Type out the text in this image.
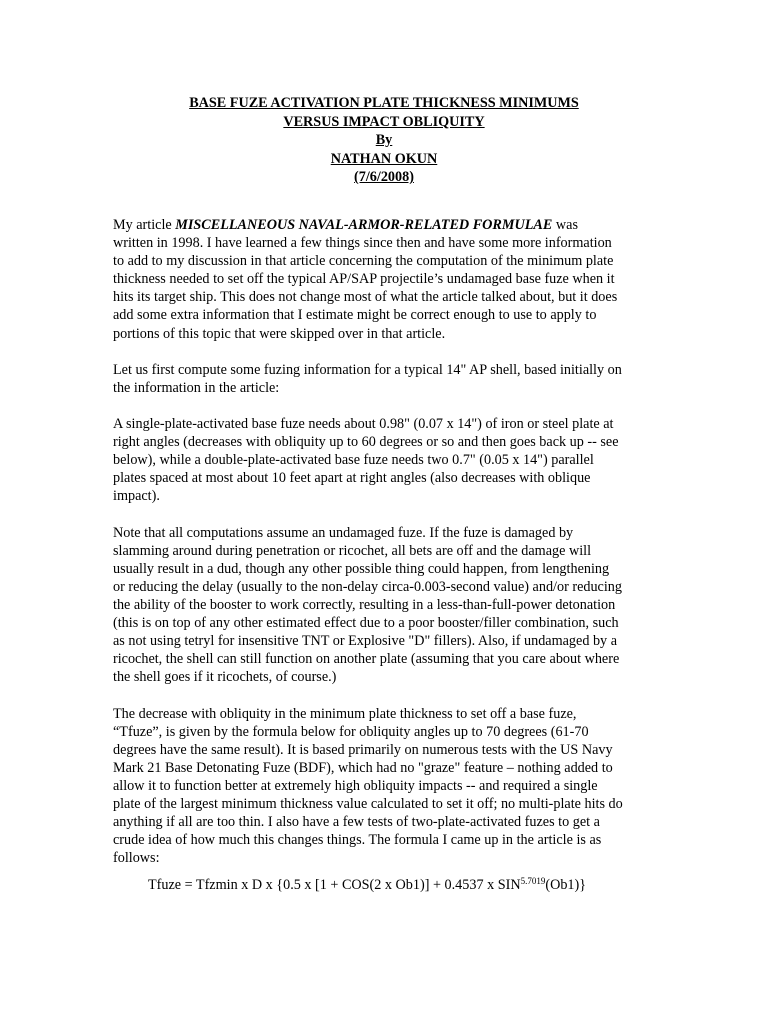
BASE FUZE ACTIVATION PLATE THICKNESS MINIMUMS
VERSUS IMPACT OBLIQUITY
By
NATHAN OKUN
(7/6/2008)

My article MISCELLANEOUS NAVAL-ARMOR-RELATED FORMULAE was
written in 1998. I have learned a few things since then and have some more information
to add to my discussion in that article concerning the computation of the minimum plate
thickness needed to set off the typical AP/SAP projectile’s undamaged base fuze when it
hits its target ship. This does not change most of what the article talked about, but it does
add some extra information that I estimate might be correct enough to use to apply to
portions of this topic that were skipped over in that article.

Let us first compute some fuzing information for a typical 14" AP shell, based initially on
the information in the article:

A single-plate-activated base fuze needs about 0.98" (0.07 x 14") of iron or steel plate at
right angles (decreases with obliquity up to 60 degrees or so and then goes back up -- see
below), while a double-plate-activated base fuze needs two 0.7" (0.05 x 14") parallel
plates spaced at most about 10 feet apart at right angles (also decreases with oblique
impact).

Note that all computations assume an undamaged fuze. If the fuze is damaged by
slamming around during penetration or ricochet, all bets are off and the damage will
usually result in a dud, though any other possible thing could happen, from lengthening
or reducing the delay (usually to the non-delay circa-0.003-second value) and/or reducing
the ability of the booster to work correctly, resulting in a less-than-full-power detonation
(this is on top of any other estimated effect due to a poor booster/filler combination, such
as not using tetryl for insensitive TNT or Explosive "D" fillers). Also, if undamaged by a
ricochet, the shell can still function on another plate (assuming that you care about where
the shell goes if it ricochets, of course.)

The decrease with obliquity in the minimum plate thickness to set off a base fuze,
“Tfuze”, is given by the formula below for obliquity angles up to 70 degrees (61-70
degrees have the same result). It is based primarily on numerous tests with the US Navy
Mark 21 Base Detonating Fuze (BDF), which had no "graze" feature – nothing added to
allow it to function better at extremely high obliquity impacts -- and required a single
plate of the largest minimum thickness value calculated to set it off; no multi-plate hits do
anything if all are too thin. I also have a few tests of two-plate-activated fuzes to get a
crude idea of how much this changes things. The formula I came up in the article is as
follows:

Tfuze = Tfzmin x D x {0.5 x [1 + COS(2 x Ob1)] + 0.4537 x $SIN^{5.7019}(Ob1)$}
